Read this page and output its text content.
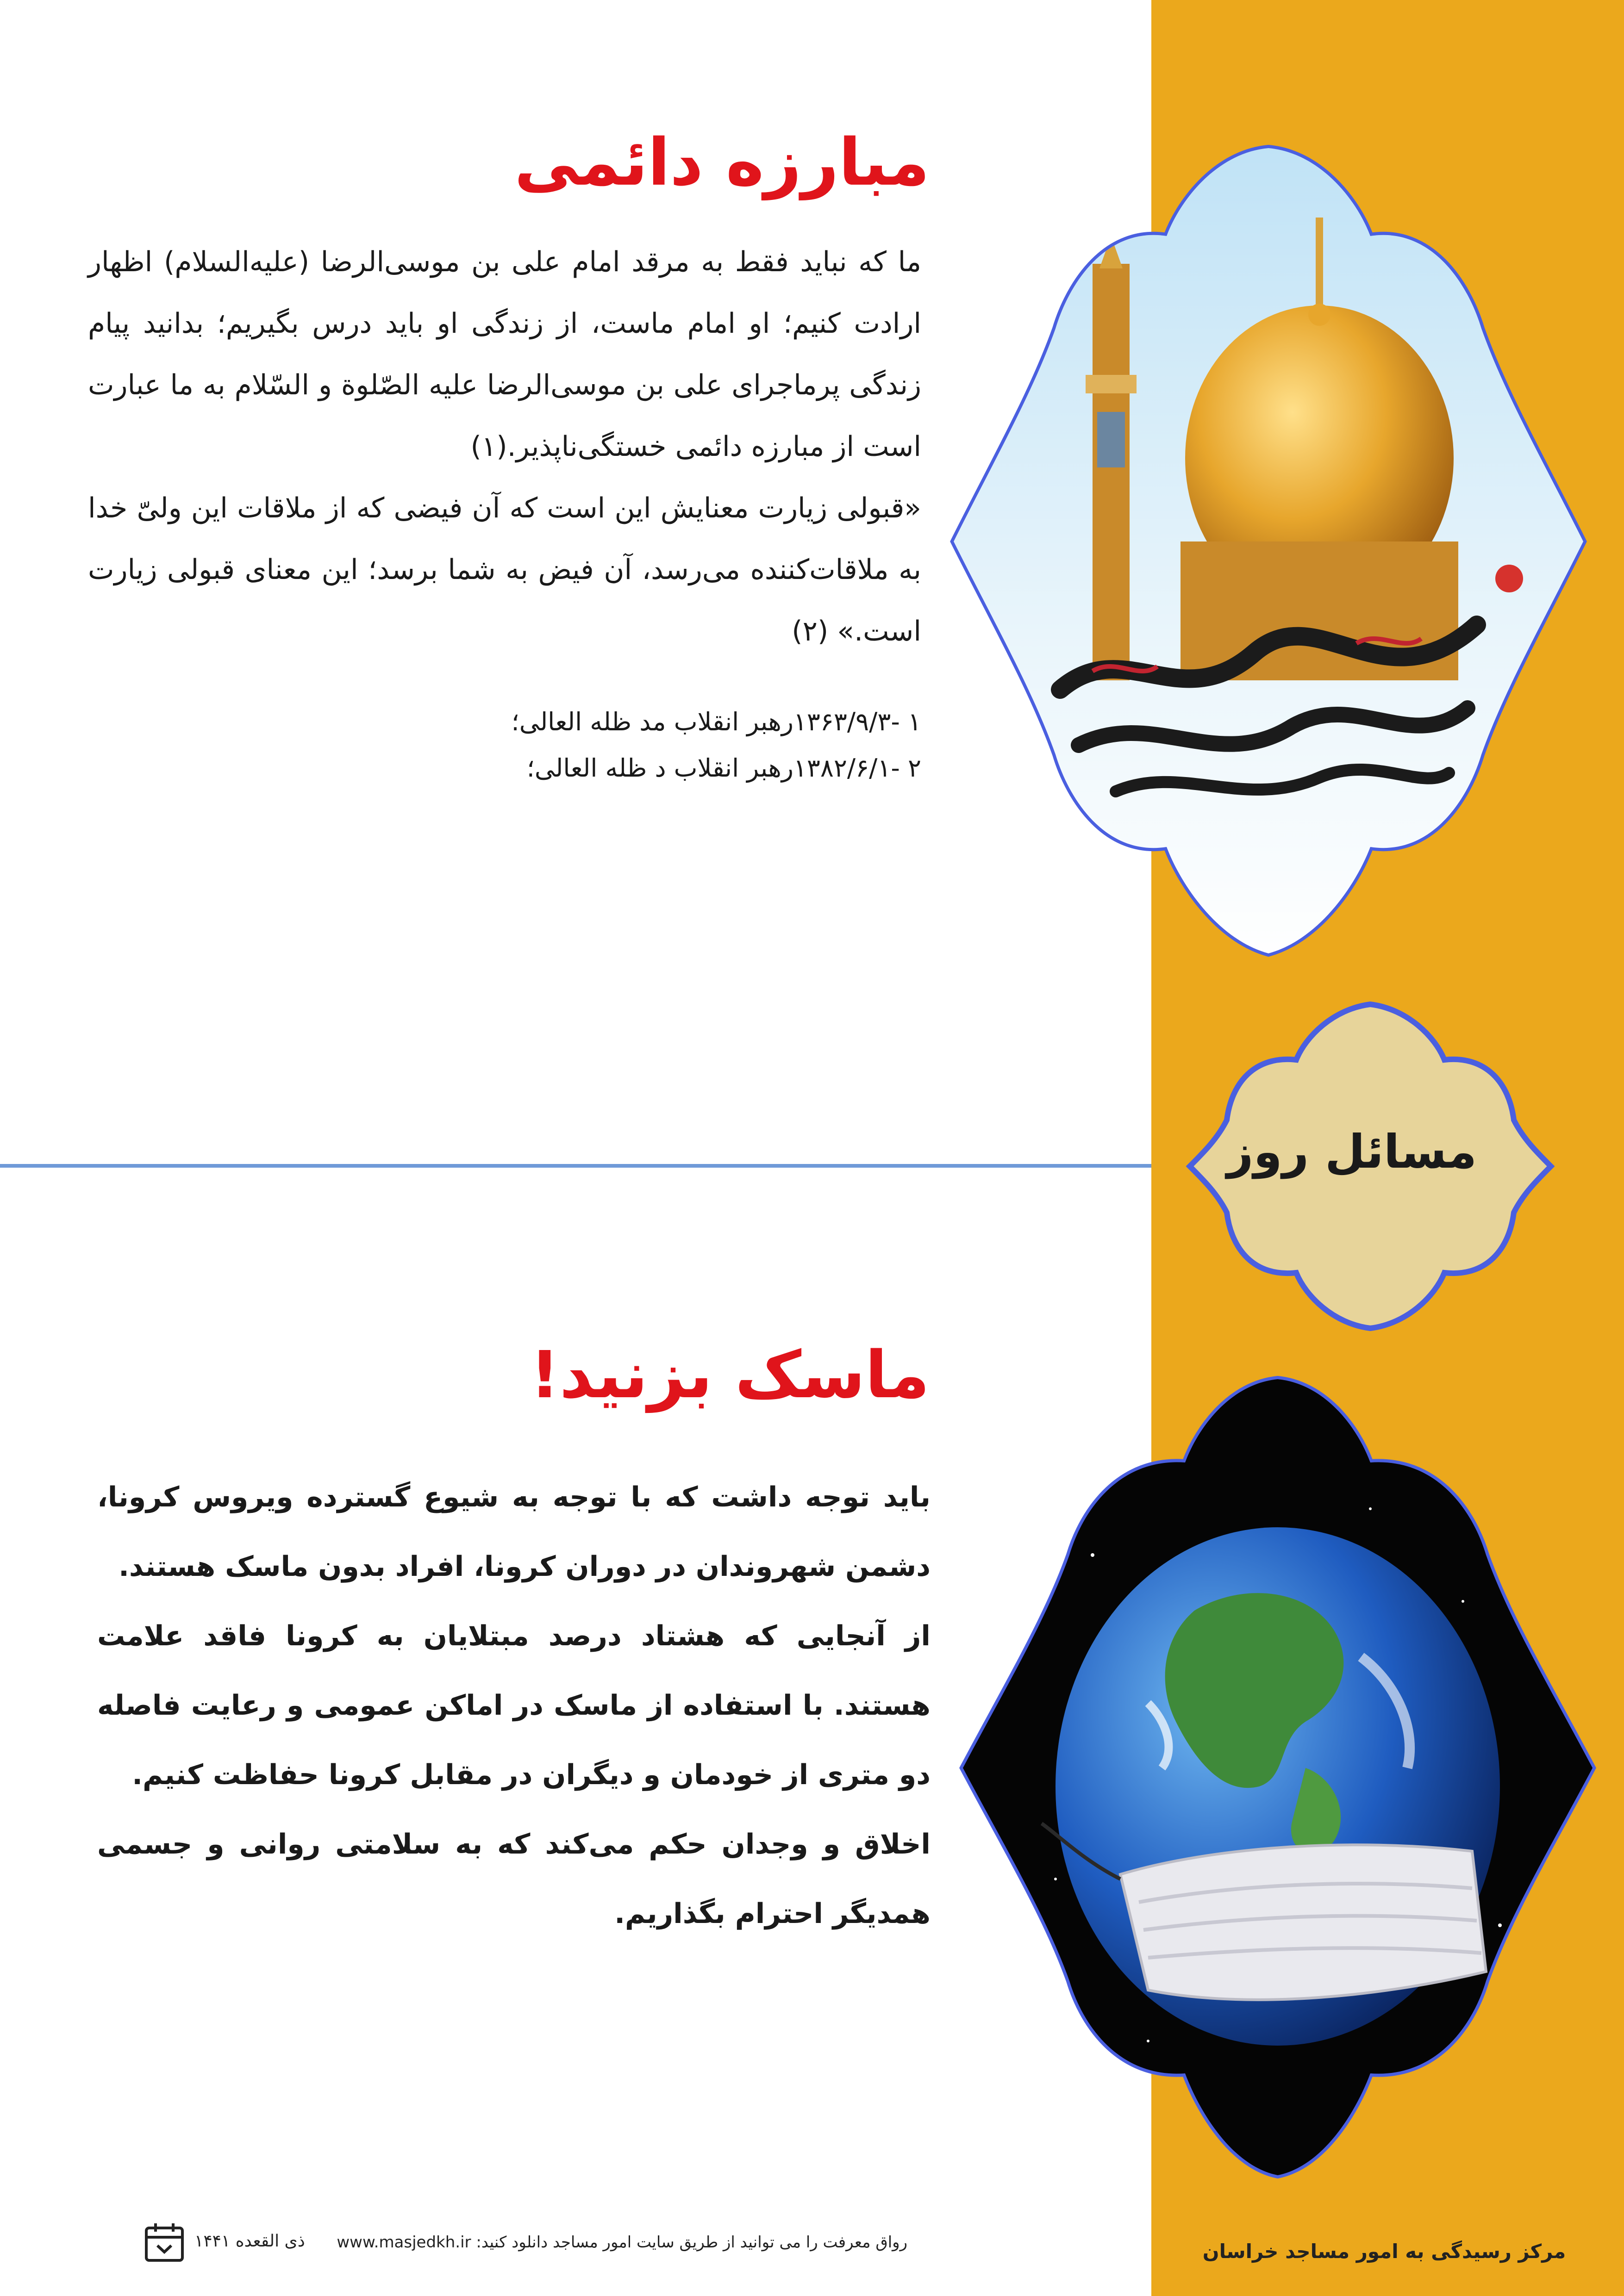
مبارزه دائمی

ما که نباید فقط به مرقد امام علی بن موسی‌الرضا (علیه‌السلام) اظهار ارادت کنیم؛ او امام ماست، از زندگی او باید درس بگیریم؛ بدانید پیام زندگی پرماجرای علی بن موسی‌الرضا علیه الصّلوة و السّلام به ما عبارت است از مبارزه دائمی خستگی‌ناپذیر.(۱)

«قبولی زیارت معنایش این است که آن فیضی که از ملاقات این ولیّ خدا به ملاقات‌کننده می‌رسد، آن فیض به شما برسد؛ این معنای قبولی زیارت است.» (۲)

۱ -۱۳۶۳/۹/۳رهبر انقلاب مد ظله العالی؛

۲ -۱۳۸۲/۶/۱رهبر انقلاب د ظله العالی؛

مسائل روز
ماسک بزنید!

باید توجه داشت که با توجه به شیوع گسترده ویروس کرونا، دشمن شهروندان در دوران کرونا، افراد بدون ماسک هستند.

از آنجایی که هشتاد درصد مبتلایان به کرونا فاقد علامت هستند. با استفاده از ماسک در اماکن عمومی و رعایت فاصله دو متری از خودمان و دیگران در مقابل کرونا حفاظت کنیم.

اخلاق و وجدان حکم می‌کند که به سلامتی روانی و جسمی همدیگر احترام بگذاریم.

ذی القعده ۱۴۴۱ رواق معرفت را می توانید از طریق سایت امور مساجد دانلود کنید: www.masjedkh.ir	مرکز رسیدگی به امور مساجد خراسان
